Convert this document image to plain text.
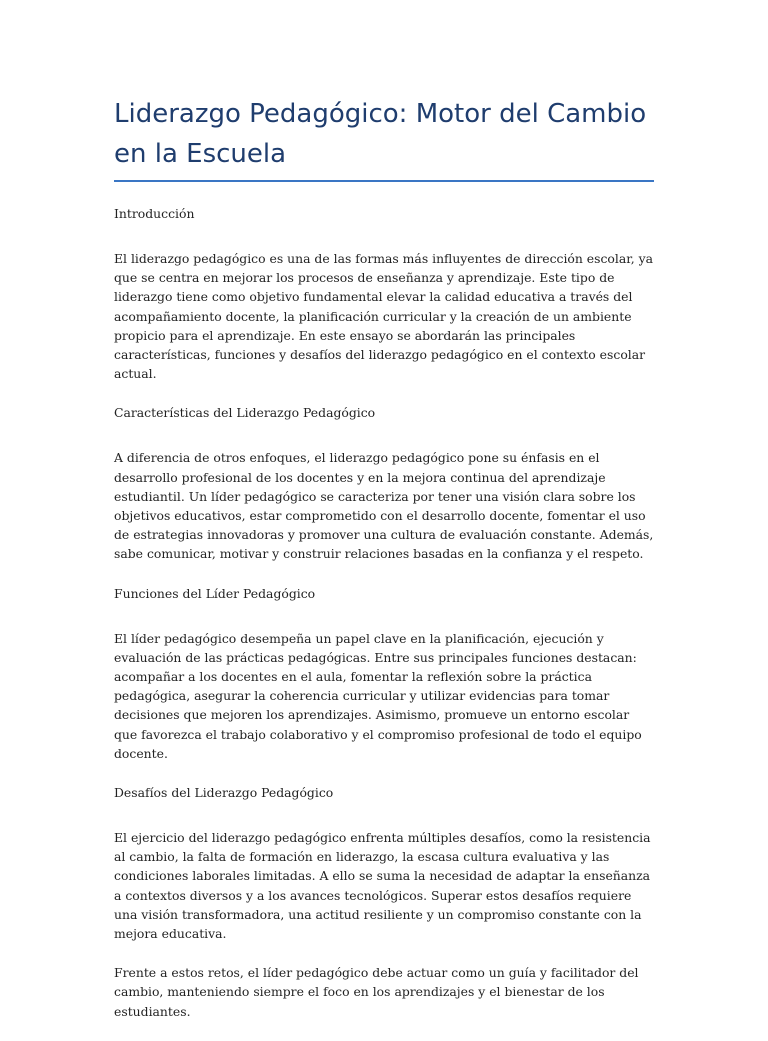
Liderazgo Pedagógico: Motor del Cambio en la Escuela

Introducción

El liderazgo pedagógico es una de las formas más influyentes de dirección escolar, ya que se centra en mejorar los procesos de enseñanza y aprendizaje. Este tipo de liderazgo tiene como objetivo fundamental elevar la calidad educativa a través del acompañamiento docente, la planificación curricular y la creación de un ambiente propicio para el aprendizaje. En este ensayo se abordarán las principales características, funciones y desafíos del liderazgo pedagógico en el contexto escolar actual.

Características del Liderazgo Pedagógico

A diferencia de otros enfoques, el liderazgo pedagógico pone su énfasis en el desarrollo profesional de los docentes y en la mejora continua del aprendizaje estudiantil. Un líder pedagógico se caracteriza por tener una visión clara sobre los objetivos educativos, estar comprometido con el desarrollo docente, fomentar el uso de estrategias innovadoras y promover una cultura de evaluación constante. Además, sabe comunicar, motivar y construir relaciones basadas en la confianza y el respeto.

Funciones del Líder Pedagógico

El líder pedagógico desempeña un papel clave en la planificación, ejecución y evaluación de las prácticas pedagógicas. Entre sus principales funciones destacan: acompañar a los docentes en el aula, fomentar la reflexión sobre la práctica pedagógica, asegurar la coherencia curricular y utilizar evidencias para tomar decisiones que mejoren los aprendizajes. Asimismo, promueve un entorno escolar que favorezca el trabajo colaborativo y el compromiso profesional de todo el equipo docente.

Desafíos del Liderazgo Pedagógico

El ejercicio del liderazgo pedagógico enfrenta múltiples desafíos, como la resistencia al cambio, la falta de formación en liderazgo, la escasa cultura evaluativa y las condiciones laborales limitadas. A ello se suma la necesidad de adaptar la enseñanza a contextos diversos y a los avances tecnológicos. Superar estos desafíos requiere una visión transformadora, una actitud resiliente y un compromiso constante con la mejora educativa.

Frente a estos retos, el líder pedagógico debe actuar como un guía y facilitador del cambio, manteniendo siempre el foco en los aprendizajes y el bienestar de los estudiantes.
